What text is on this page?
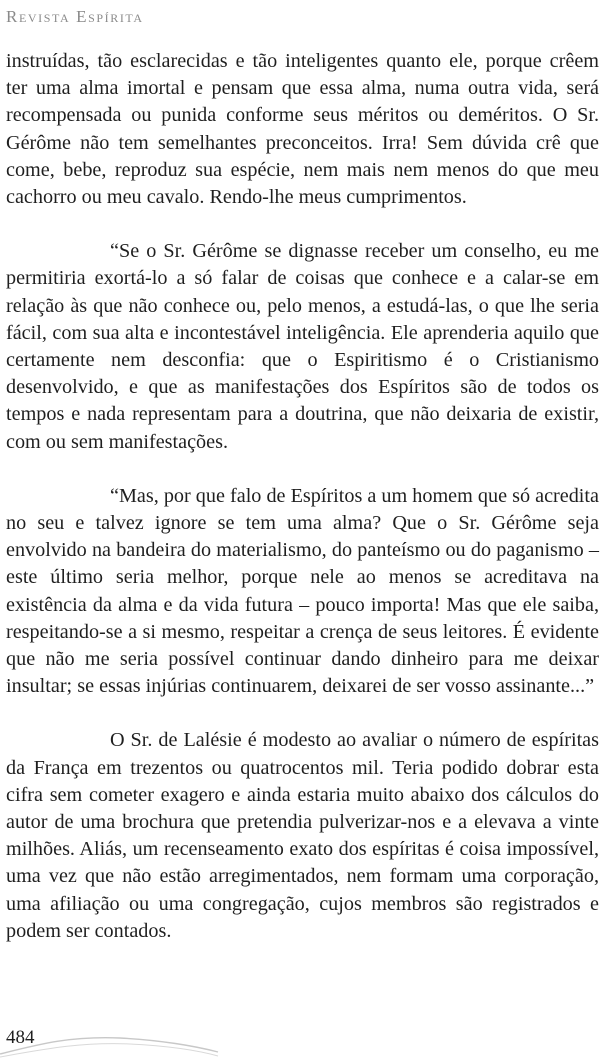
Revista Espírita

instruídas, tão esclarecidas e tão inteligentes quanto ele, porque crêem ter uma alma imortal e pensam que essa alma, numa outra vida, será recompensada ou punida conforme seus méritos ou deméritos. O Sr. Gérôme não tem semelhantes preconceitos. Irra! Sem dúvida crê que come, bebe, reproduz sua espécie, nem mais nem menos do que meu cachorro ou meu cavalo. Rendo-lhe meus cumprimentos.

“Se o Sr. Gérôme se dignasse receber um conselho, eu me permitiria exortá-lo a só falar de coisas que conhece e a calar-se em relação às que não conhece ou, pelo menos, a estudá-las, o que lhe seria fácil, com sua alta e incontestável inteligência. Ele aprenderia aquilo que certamente nem desconfia: que o Espiritismo é o Cristianismo desenvolvido, e que as manifestações dos Espíritos são de todos os tempos e nada representam para a doutrina, que não deixaria de existir, com ou sem manifestações.

“Mas, por que falo de Espíritos a um homem que só acredita no seu e talvez ignore se tem uma alma? Que o Sr. Gérôme seja envolvido na bandeira do materialismo, do panteísmo ou do paganismo – este último seria melhor, porque nele ao menos se acreditava na existência da alma e da vida futura – pouco importa! Mas que ele saiba, respeitando-se a si mesmo, respeitar a crença de seus leitores. É evidente que não me seria possível continuar dando dinheiro para me deixar insultar; se essas injúrias continuarem, deixarei de ser vosso assinante...”

O Sr. de Lalésie é modesto ao avaliar o número de espíritas da França em trezentos ou quatrocentos mil. Teria podido dobrar esta cifra sem cometer exagero e ainda estaria muito abaixo dos cálculos do autor de uma brochura que pretendia pulverizar-nos e a elevava a vinte milhões. Aliás, um recenseamento exato dos espíritas é coisa impossível, uma vez que não estão arregimentados, nem formam uma corporação, uma afiliação ou uma congregação, cujos membros são registrados e podem ser contados.

484
